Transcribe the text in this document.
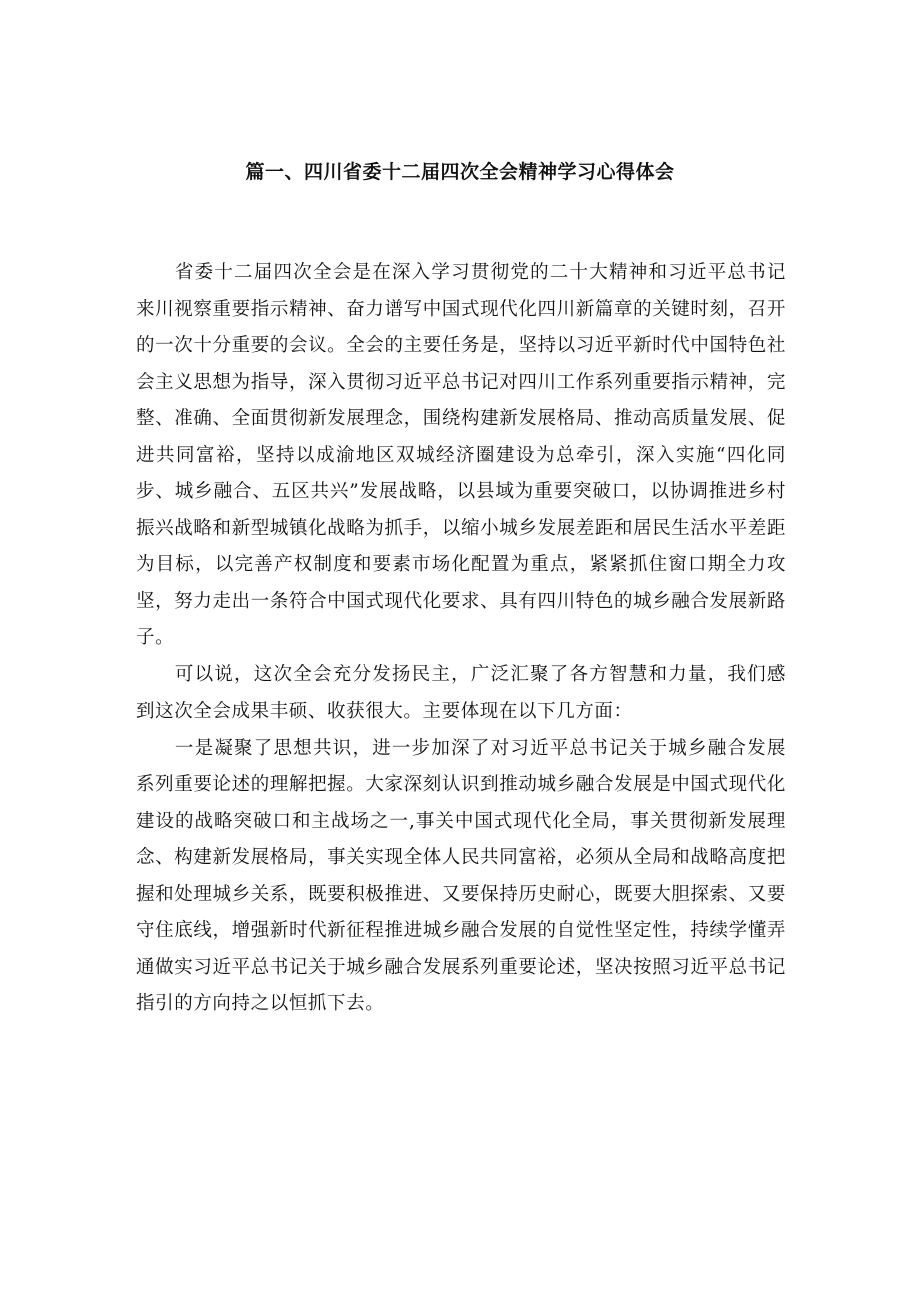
篇一、四川省委十二届四次全会精神学习心得体会

省委十二届四次全会是在深入学习贯彻党的二十大精神和习近平总书记来川视察重要指示精神、奋力谱写中国式现代化四川新篇章的关键时刻，召开的一次十分重要的会议。全会的主要任务是，坚持以习近平新时代中国特色社会主义思想为指导，深入贯彻习近平总书记对四川工作系列重要指示精神，完整、准确、全面贯彻新发展理念，围绕构建新发展格局、推动高质量发展、促进共同富裕，坚持以成渝地区双城经济圈建设为总牵引，深入实施“四化同步、城乡融合、五区共兴”发展战略，以县域为重要突破口，以协调推进乡村振兴战略和新型城镇化战略为抓手，以缩小城乡发展差距和居民生活水平差距为目标，以完善产权制度和要素市场化配置为重点，紧紧抓住窗口期全力攻坚，努力走出一条符合中国式现代化要求、具有四川特色的城乡融合发展新路子。

可以说，这次全会充分发扬民主，广泛汇聚了各方智慧和力量，我们感到这次全会成果丰硕、收获很大。主要体现在以下几方面：

一是凝聚了思想共识，进一步加深了对习近平总书记关于城乡融合发展系列重要论述的理解把握。大家深刻认识到推动城乡融合发展是中国式现代化建设的战略突破口和主战场之一,事关中国式现代化全局，事关贯彻新发展理念、构建新发展格局，事关实现全体人民共同富裕，必须从全局和战略高度把握和处理城乡关系，既要积极推进、又要保持历史耐心，既要大胆探索、又要守住底线，增强新时代新征程推进城乡融合发展的自觉性坚定性，持续学懂弄通做实习近平总书记关于城乡融合发展系列重要论述，坚决按照习近平总书记指引的方向持之以恒抓下去。
